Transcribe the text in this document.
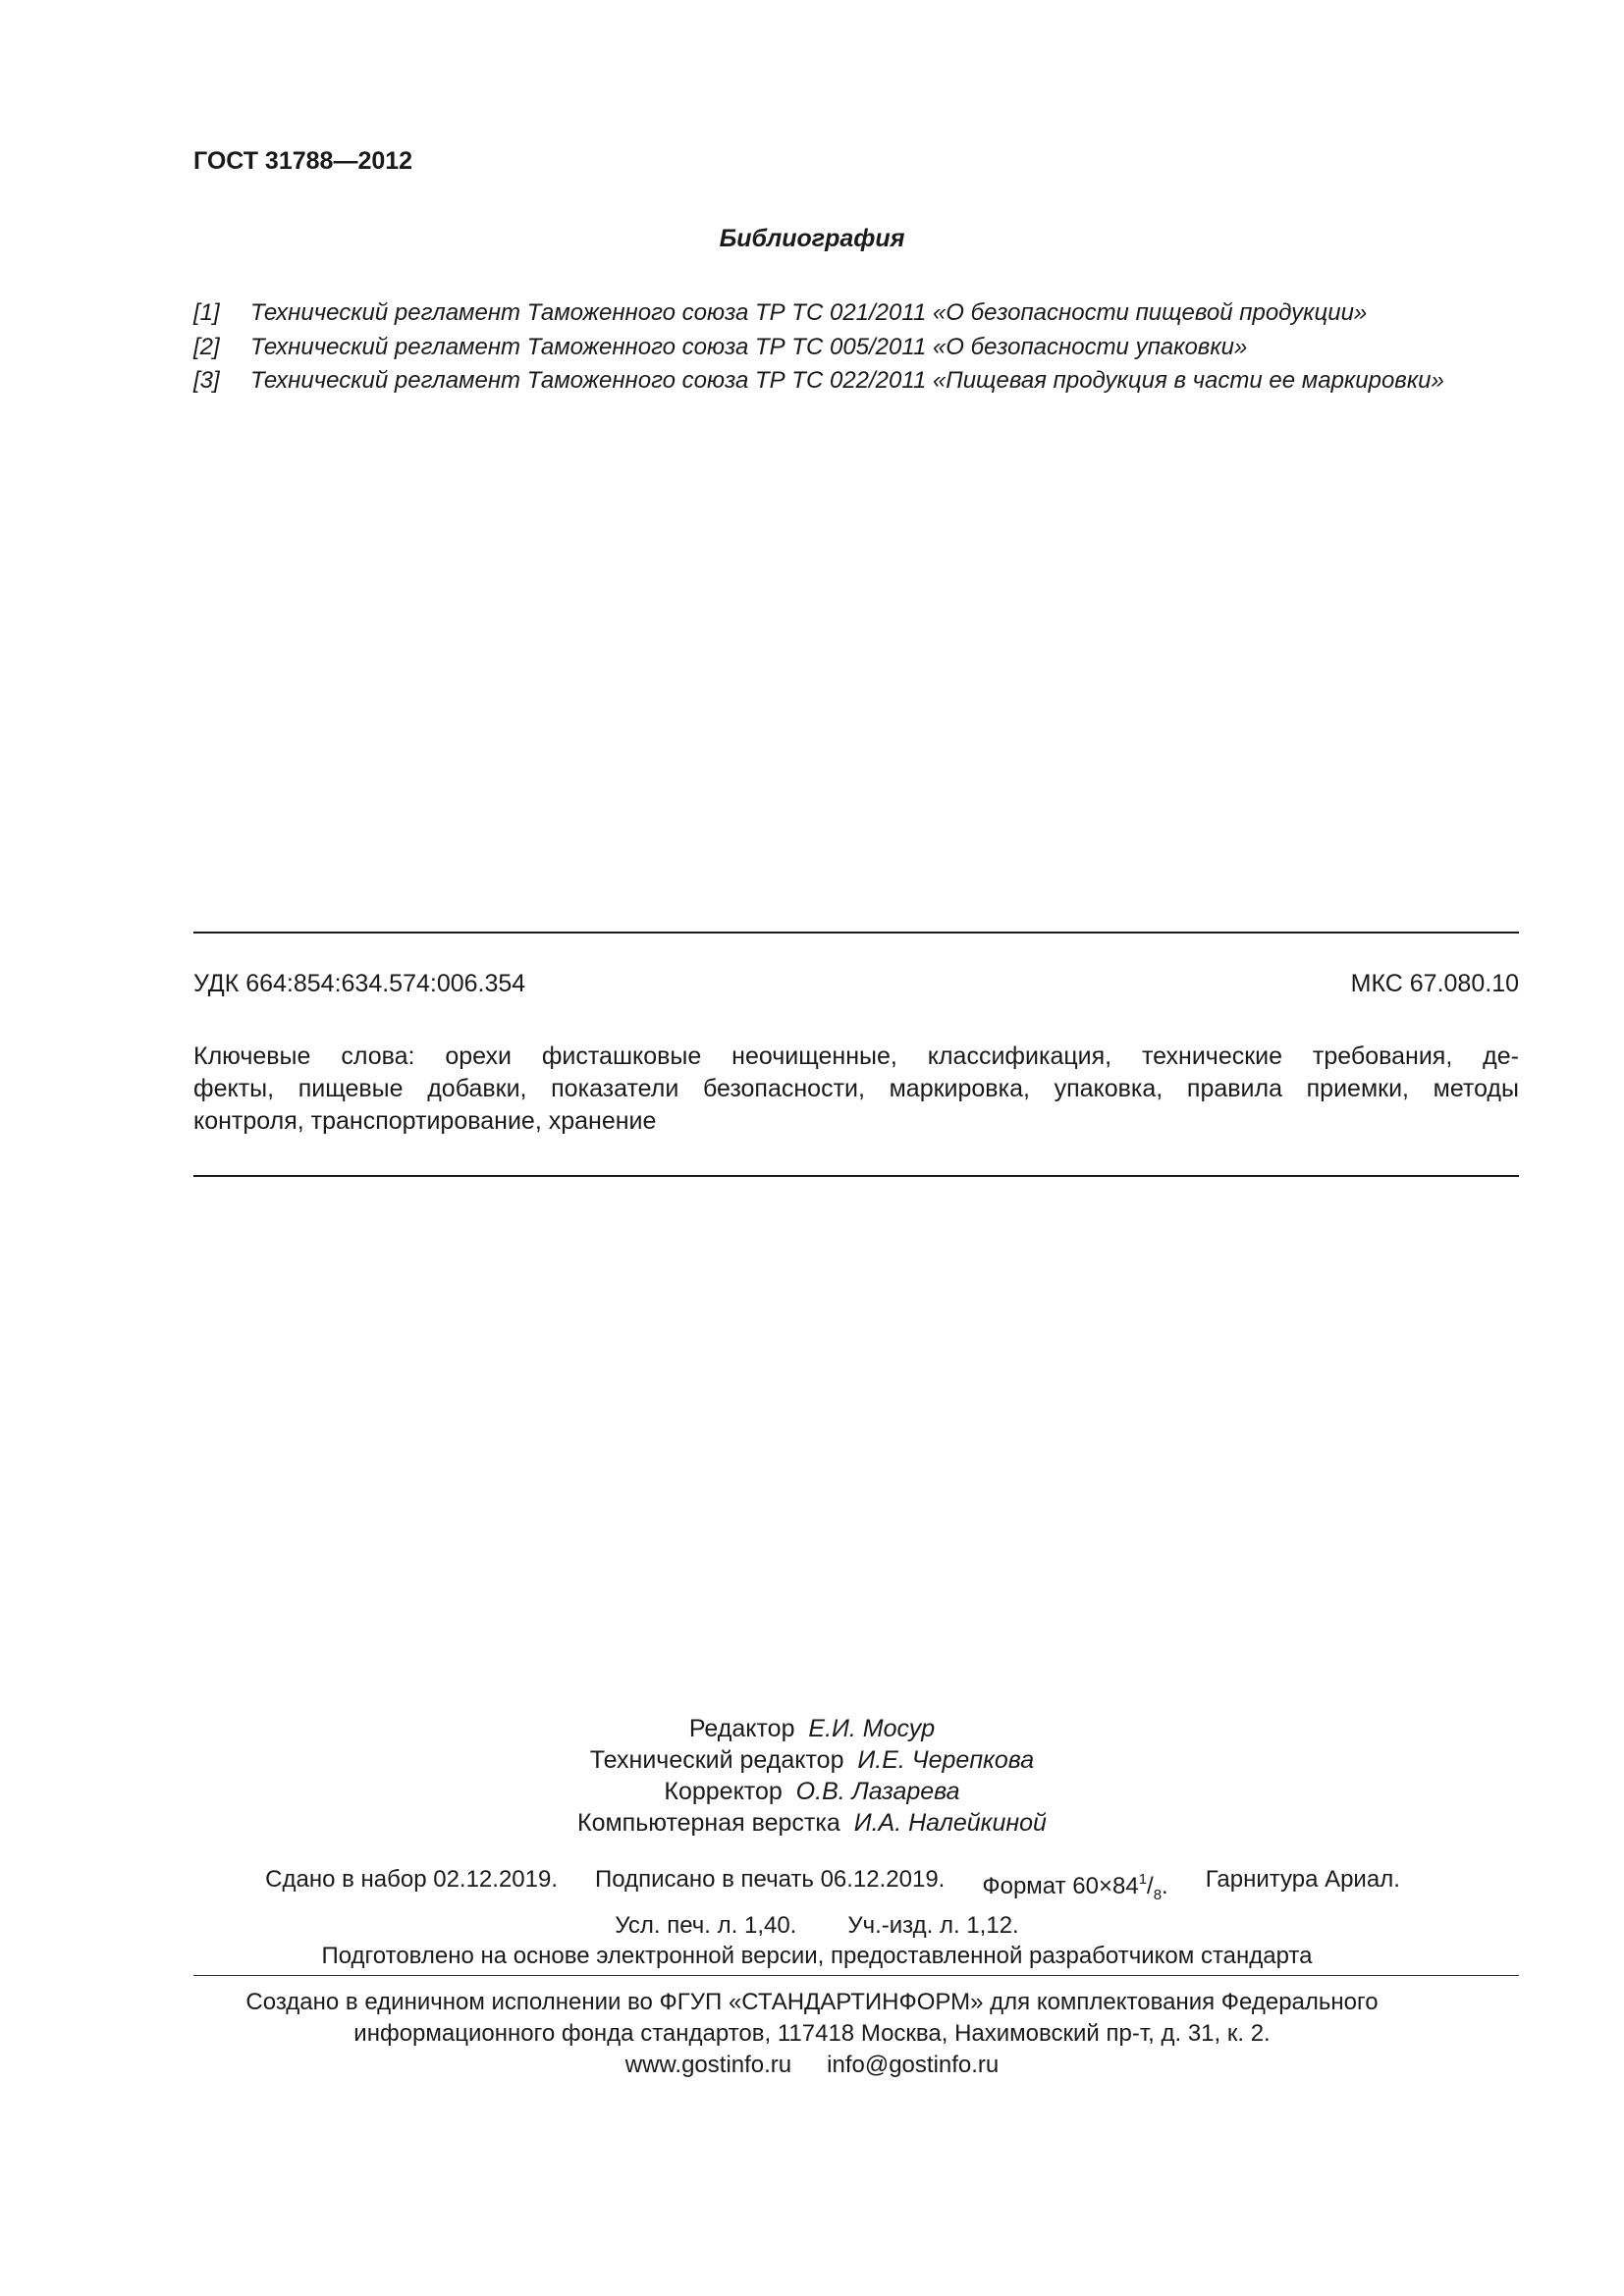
ГОСТ 31788—2012
Библиография
[1]	Технический регламент Таможенного союза ТР ТС 021/2011 «О безопасности пищевой продукции»
[2]	Технический регламент Таможенного союза ТР ТС 005/2011 «О безопасности упаковки»
[3]	Технический регламент Таможенного союза ТР ТС 022/2011 «Пищевая продукция в части ее маркировки»
УДК 664:854:634.574:006.354	МКС 67.080.10
Ключевые слова: орехи фисташковые неочищенные, классификация, технические требования, де-
фекты, пищевые добавки, показатели безопасности, маркировка, упаковка, правила приемки, методы
контроля, транспортирование, хранение
Редактор Е.И. Мосур
Технический редактор И.Е. Черепкова
Корректор О.В. Лазарева
Компьютерная верстка И.А. Налейкиной
Сдано в набор 02.12.2019. Подписано в печать 06.12.2019. Формат $60\times 84^1/_8$. Гарнитура Ариал.
Усл. печ. л. 1,40. Уч.-изд. л. 1,12.
Подготовлено на основе электронной версии, предоставленной разработчиком стандарта
Создано в единичном исполнении во ФГУП «СТАНДАРТИНФОРМ» для комплектования Федерального
информационного фонда стандартов, 117418 Москва, Нахимовский пр-т, д. 31, к. 2.
www.gostinfo.ru info@gostinfo.ru
